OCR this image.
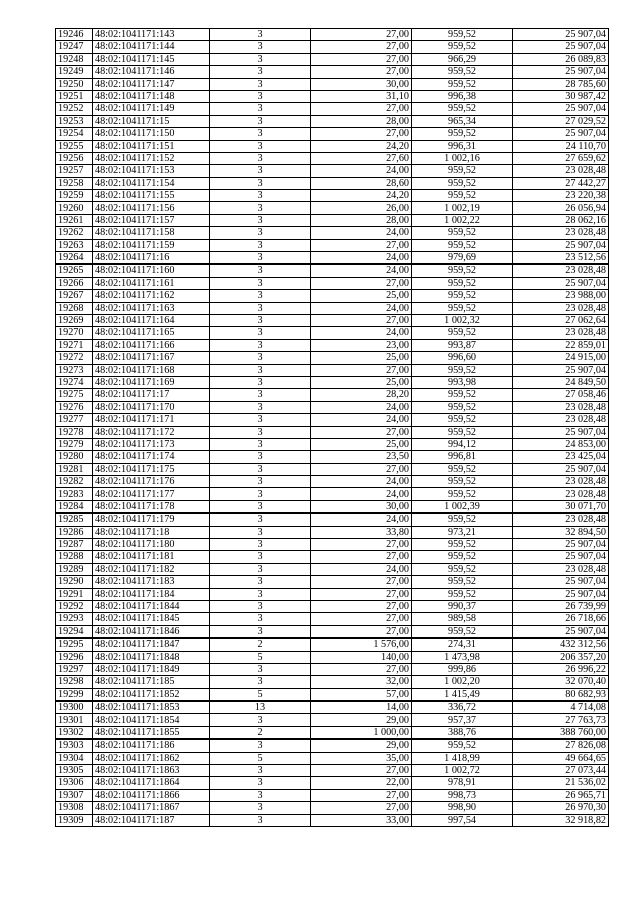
19246	48:02:1041171:143	3	27,00	959,52	25 907,04
19247	48:02:1041171:144	3	27,00	959,52	25 907,04
19248	48:02:1041171:145	3	27,00	966,29	26 089,83
19249	48:02:1041171:146	3	27,00	959,52	25 907,04
19250	48:02:1041171:147	3	30,00	959,52	28 785,60
19251	48:02:1041171:148	3	31,10	996,38	30 987,42
19252	48:02:1041171:149	3	27,00	959,52	25 907,04
19253	48:02:1041171:15	3	28,00	965,34	27 029,52
19254	48:02:1041171:150	3	27,00	959,52	25 907,04
19255	48:02:1041171:151	3	24,20	996,31	24 110,70
19256	48:02:1041171:152	3	27,60	1 002,16	27 659,62
19257	48:02:1041171:153	3	24,00	959,52	23 028,48
19258	48:02:1041171:154	3	28,60	959,52	27 442,27
19259	48:02:1041171:155	3	24,20	959,52	23 220,38
19260	48:02:1041171:156	3	26,00	1 002,19	26 056,94
19261	48:02:1041171:157	3	28,00	1 002,22	28 062,16
19262	48:02:1041171:158	3	24,00	959,52	23 028,48
19263	48:02:1041171:159	3	27,00	959,52	25 907,04
19264	48:02:1041171:16	3	24,00	979,69	23 512,56
19265	48:02:1041171:160	3	24,00	959,52	23 028,48
19266	48:02:1041171:161	3	27,00	959,52	25 907,04
19267	48:02:1041171:162	3	25,00	959,52	23 988,00
19268	48:02:1041171:163	3	24,00	959,52	23 028,48
19269	48:02:1041171:164	3	27,00	1 002,32	27 062,64
19270	48:02:1041171:165	3	24,00	959,52	23 028,48
19271	48:02:1041171:166	3	23,00	993,87	22 859,01
19272	48:02:1041171:167	3	25,00	996,60	24 915,00
19273	48:02:1041171:168	3	27,00	959,52	25 907,04
19274	48:02:1041171:169	3	25,00	993,98	24 849,50
19275	48:02:1041171:17	3	28,20	959,52	27 058,46
19276	48:02:1041171:170	3	24,00	959,52	23 028,48
19277	48:02:1041171:171	3	24,00	959,52	23 028,48
19278	48:02:1041171:172	3	27,00	959,52	25 907,04
19279	48:02:1041171:173	3	25,00	994,12	24 853,00
19280	48:02:1041171:174	3	23,50	996,81	23 425,04
19281	48:02:1041171:175	3	27,00	959,52	25 907,04
19282	48:02:1041171:176	3	24,00	959,52	23 028,48
19283	48:02:1041171:177	3	24,00	959,52	23 028,48
19284	48:02:1041171:178	3	30,00	1 002,39	30 071,70
19285	48:02:1041171:179	3	24,00	959,52	23 028,48
19286	48:02:1041171:18	3	33,80	973,21	32 894,50
19287	48:02:1041171:180	3	27,00	959,52	25 907,04
19288	48:02:1041171:181	3	27,00	959,52	25 907,04
19289	48:02:1041171:182	3	24,00	959,52	23 028,48
19290	48:02:1041171:183	3	27,00	959,52	25 907,04
19291	48:02:1041171:184	3	27,00	959,52	25 907,04
19292	48:02:1041171:1844	3	27,00	990,37	26 739,99
19293	48:02:1041171:1845	3	27,00	989,58	26 718,66
19294	48:02:1041171:1846	3	27,00	959,52	25 907,04
19295	48:02:1041171:1847	2	1 576,00	274,31	432 312,56
19296	48:02:1041171:1848	5	140,00	1 473,98	206 357,20
19297	48:02:1041171:1849	3	27,00	999,86	26 996,22
19298	48:02:1041171:185	3	32,00	1 002,20	32 070,40
19299	48:02:1041171:1852	5	57,00	1 415,49	80 682,93
19300	48:02:1041171:1853	13	14,00	336,72	4 714,08
19301	48:02:1041171:1854	3	29,00	957,37	27 763,73
19302	48:02:1041171:1855	2	1 000,00	388,76	388 760,00
19303	48:02:1041171:186	3	29,00	959,52	27 826,08
19304	48:02:1041171:1862	5	35,00	1 418,99	49 664,65
19305	48:02:1041171:1863	3	27,00	1 002,72	27 073,44
19306	48:02:1041171:1864	3	22,00	978,91	21 536,02
19307	48:02:1041171:1866	3	27,00	998,73	26 965,71
19308	48:02:1041171:1867	3	27,00	998,90	26 970,30
19309	48:02:1041171:187	3	33,00	997,54	32 918,82
